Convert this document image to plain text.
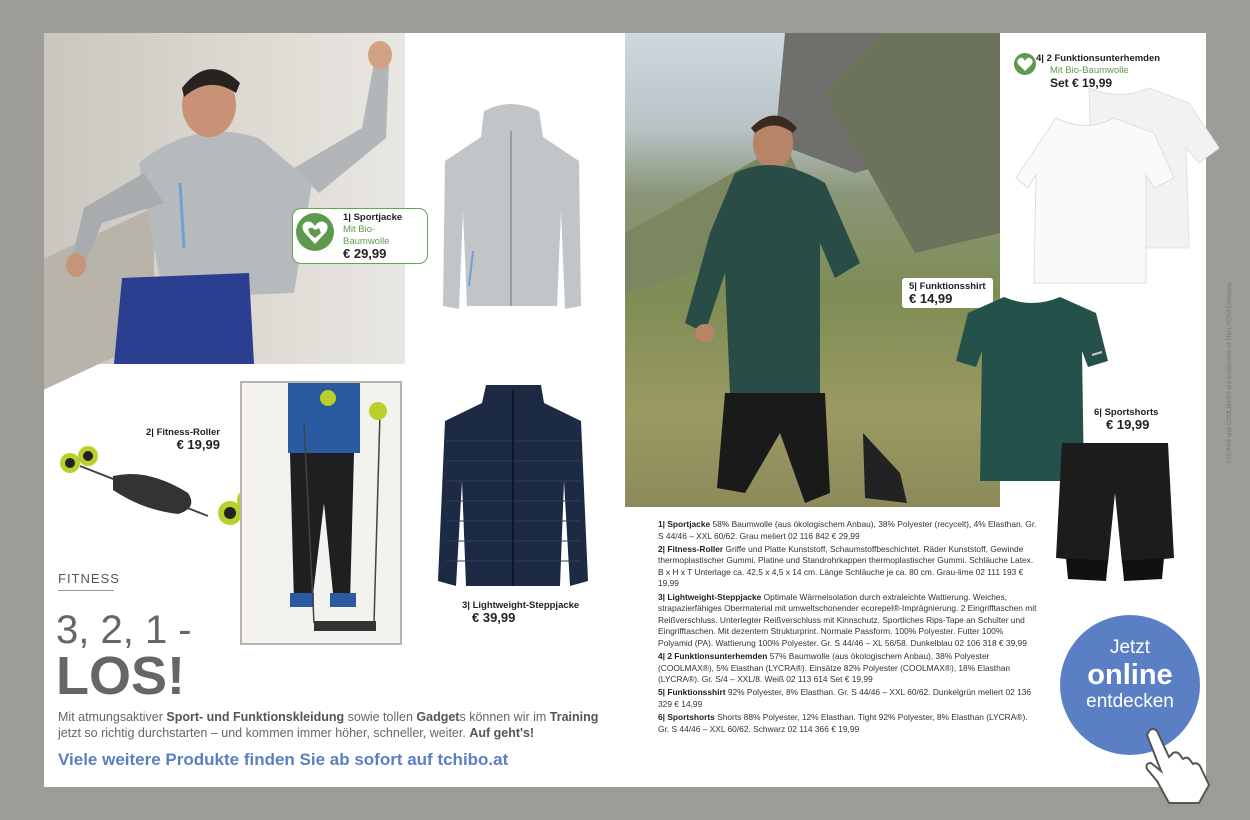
1| Sportjacke
Mit Bio-Baumwolle
€ 29,99
2| Fitness-Roller
€ 19,99
3| Lightweight-Steppjacke
€ 39,99
5| Funktionsshirt
€ 14,99
4| 2 Funktionsunterhemden
Mit Bio-Baumwolle
Set € 19,99
6| Sportshorts
€ 19,99
FITNESS
3, 2, 1 -
LOS!
Mit atmungsaktiver Sport- und Funktionskleidung sowie tollen Gadgets können wir im Training jetzt so richtig durchstarten – und kommen immer höher, schneller, weiter. Auf geht's!
Viele weitere Produkte finden Sie ab sofort auf tchibo.at

1| Sportjacke 58% Baumwolle (aus ökologischem Anbau), 38% Polyester (recycelt), 4% Elasthan. Gr. S 44/46 – XXL 60/62. Grau meliert 02 116 842 € 29,99

2| Fitness-Roller Griffe und Platte Kunststoff, Schaumstoffbeschichtet. Räder Kunststoff, Gewinde thermoplastischer Gummi. Platine und Standrohrkappen thermoplastischer Gummi. Schläuche Latex. B x H x T Unterlage ca. 42,5 x 4,5 x 14 cm. Länge Schläuche je ca. 80 cm. Grau-lime 02 111 193 € 19,99

3| Lightweight-Steppjacke Optimale Wärmeisolation durch extraleichte Wattierung. Weiches, strapazierfähiges Obermaterial mit umweltschonender ecorepel®-Imprägnierung. 2 Eingrifftaschen mit Reißverschluss. Unterlegter Reißverschluss mit Kinnschutz. Sportliches Rips-Tape an Schulter und Eingrifftaschen. Mit dezentem Strukturprint. Normale Passform. 100% Polyester. Futter 100% Polyamid (PA). Wattierung 100% Polyester. Gr. S 44/46 – XL 56/58. Dunkelblau 02 106 318 € 39,99

4| 2 Funktionsunterhemden 57% Baumwolle (aus ökologischem Anbau), 38% Polyester (COOLMAX®), 5% Elasthan (LYCRA®). Einsätze 82% Polyester (COOLMAX®), 18% Elasthan (LYCRA®). Gr. S/4 – XXL/8. Weiß 02 113 614 Set € 19,99

5| Funktionsshirt 92% Polyester, 8% Elasthan. Gr. S 44/46 – XXL 60/62. Dunkelgrün meliert 02 136 329 € 14,99

6| Sportshorts Shorts 88% Polyester, 12% Elasthan. Tight 92% Polyester, 8% Elasthan (LYCRA®). Gr. S 44/46 – XXL 60/62. Schwarz 02 114 366 € 19,99

LYCRA® and COOLMAX® are trademarks of The LYCRA Company.
Jetzt
online
entdecken
